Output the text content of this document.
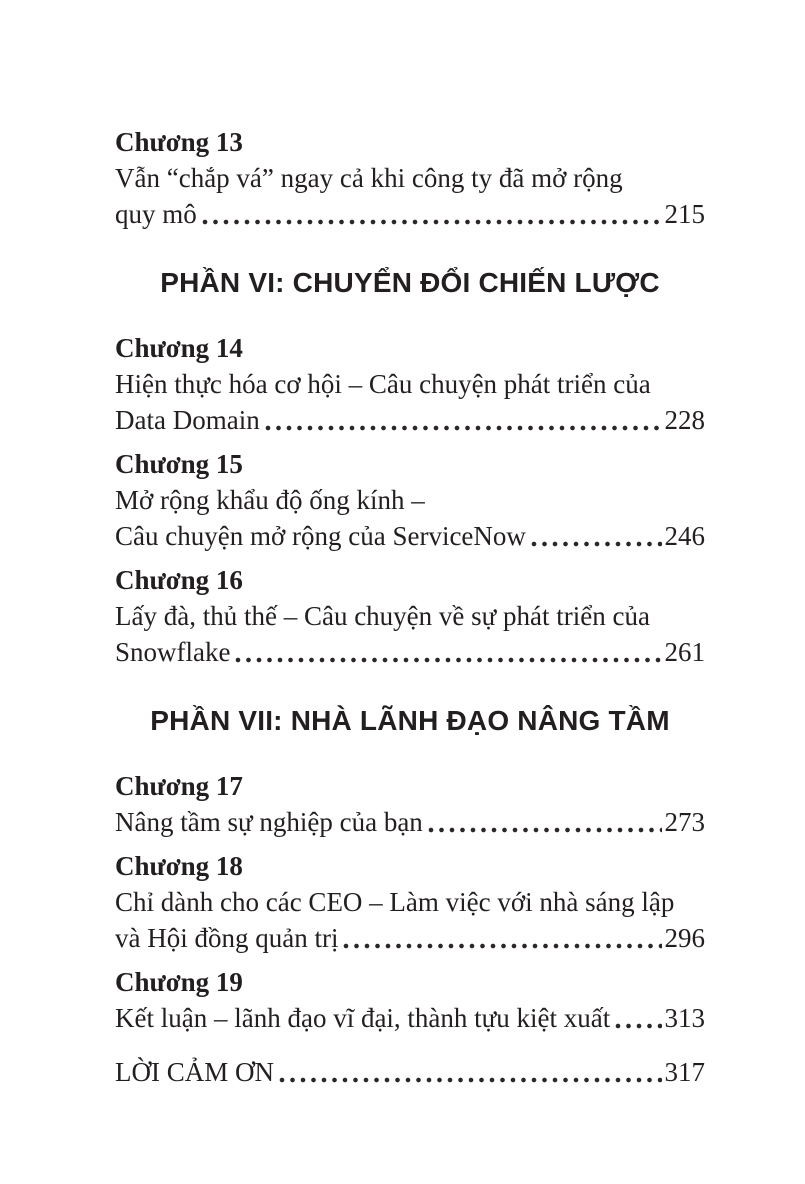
Chương 13
Vẫn “chắp vá” ngay cả khi công ty đã mở rộng
quy mô	215
PHẦN VI: CHUYỂN ĐỔI CHIẾN LƯỢC
Chương 14
Hiện thực hóa cơ hội – Câu chuyện phát triển của
Data Domain	228
Chương 15
Mở rộng khẩu độ ống kính –
Câu chuyện mở rộng của ServiceNow	246
Chương 16
Lấy đà, thủ thế – Câu chuyện về sự phát triển của
Snowflake	261
PHẦN VII: NHÀ LÃNH ĐẠO NÂNG TẦM
Chương 17
Nâng tầm sự nghiệp của bạn	273
Chương 18
Chỉ dành cho các CEO – Làm việc với nhà sáng lập
và Hội đồng quản trị	296
Chương 19
Kết luận – lãnh đạo vĩ đại, thành tựu kiệt xuất 313
LỜI CẢM ƠN	317
